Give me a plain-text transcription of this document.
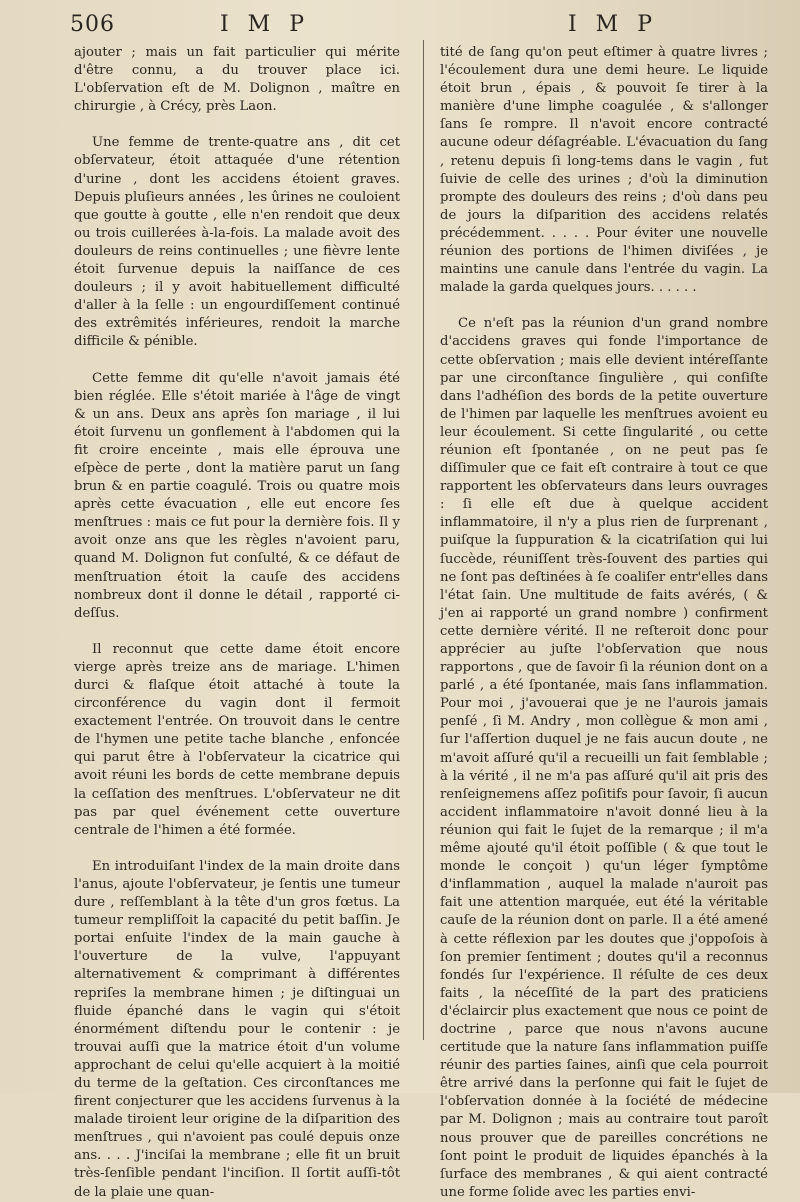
506	I M P	I M P

ajouter ; mais un fait particulier qui mérite d'être connu, a du trouver place ici. L'obſervation eſt de M. Dolignon , maître en chirurgie , à Crécy, près Laon.

Une femme de trente-quatre ans , dit cet obſervateur, étoit attaquée d'une rétention d'urine , dont les accidens étoient graves. Depuis pluſieurs années , les ûrines ne couloient que goutte à goutte , elle n'en rendoit que deux ou trois cuillerées à-la-fois. La malade avoit des douleurs de reins continuelles ; une fièvre lente étoit ſurvenue depuis la naiſſance de ces douleurs ; il y avoit habituellement difficulté d'aller à la ſelle : un engourdiſſement continué des extrêmités inférieures, rendoit la marche difficile & pénible.

Cette femme dit qu'elle n'avoit jamais été bien réglée. Elle s'étoit mariée à l'âge de vingt & un ans. Deux ans après ſon mariage , il lui étoit ſurvenu un gonflement à l'abdomen qui la fit croire enceinte , mais elle éprouva une eſpèce de perte , dont la matière parut un ſang brun & en partie coagulé. Trois ou quatre mois après cette évacuation , elle eut encore ſes menſtrues : mais ce fut pour la dernière fois. Il y avoit onze ans que les règles n'avoient paru, quand M. Dolignon fut conſulté, & ce défaut de menſtruation étoit la cauſe des accidens nombreux dont il donne le détail , rapporté ci-deſſus.

Il reconnut que cette dame étoit encore vierge après treize ans de mariage. L'himen durci & flaſque étoit attaché à toute la circonférence du vagin dont il fermoit exactement l'entrée. On trouvoit dans le centre de l'hymen une petite tache blanche , enfoncée qui parut être à l'obſervateur la cicatrice qui avoit réuni les bords de cette membrane depuis la ceſſation des menſtrues. L'obſervateur ne dit pas par quel événement cette ouverture centrale de l'himen a été formée.

En introduiſant l'index de la main droite dans l'anus, ajoute l'obſervateur, je ſentis une tumeur dure , reſſemblant à la tête d'un gros fœtus. La tumeur rempliſſoit la capacité du petit baſſin. Je portai enſuite l'index de la main gauche à l'ouverture de la vulve, l'appuyant alternativement & comprimant à différentes repriſes la membrane himen ; je diſtinguai un fluide épanché dans le vagin qui s'étoit énormément diſtendu pour le contenir : je trouvai auſſi que la matrice étoit d'un volume approchant de celui qu'elle acquiert à la moitié du terme de la geſtation. Ces circonſtances me firent conjecturer que les accidens ſurvenus à la malade tiroient leur origine de la diſparition des menſtrues , qui n'avoient pas coulé depuis onze ans. . . . J'inciſai la membrane ; elle fit un bruit très-ſenſible pendant l'inciſion. Il ſortit auſſi-tôt de la plaie une quan-

tité de ſang qu'on peut eſtimer à quatre livres ; l'écoulement dura une demi heure. Le liquide étoit brun , épais , & pouvoit ſe tirer à la manière d'une limphe coagulée , & s'allonger ſans ſe rompre. Il n'avoit encore contracté aucune odeur déſagréable. L'évacuation du ſang , retenu depuis ſi long-tems dans le vagin , fut ſuivie de celle des urines ; d'où la diminution prompte des douleurs des reins ; d'où dans peu de jours la diſparition des accidens relatés précédemment. . . . . Pour éviter une nouvelle réunion des portions de l'himen diviſées , je maintins une canule dans l'entrée du vagin. La malade la garda quelques jours. . . . . .

Ce n'eſt pas la réunion d'un grand nombre d'accidens graves qui fonde l'importance de cette obſervation ; mais elle devient intéreſſante par une circonſtance ſingulière , qui conſiſte dans l'adhéſion des bords de la petite ouverture de l'himen par laquelle les menſtrues avoient eu leur écoulement. Si cette ſingularité , ou cette réunion eſt ſpontanée , on ne peut pas ſe diſſimuler que ce fait eſt contraire à tout ce que rapportent les obſervateurs dans leurs ouvrages : ſi elle eſt due à quelque accident inflammatoire, il n'y a plus rien de ſurprenant , puiſque la ſuppuration & la cicatriſation qui lui ſuccède, réuniſſent très-ſouvent des parties qui ne ſont pas deſtinées à ſe coaliſer entr'elles dans l'état ſain. Une multitude de faits avérés, ( & j'en ai rapporté un grand nombre ) confirment cette dernière vérité. Il ne reſteroit donc pour apprécier au juſte l'obſervation que nous rapportons , que de ſavoir ſi la réunion dont on a parlé , a été ſpontanée, mais ſans inflammation. Pour moi , j'avouerai que je ne l'aurois jamais penſé , ſi M. Andry , mon collègue & mon ami , ſur l'aſſertion duquel je ne fais aucun doute , ne m'avoit aſſuré qu'il a recueilli un fait ſemblable ; à la vérité , il ne m'a pas aſſuré qu'il ait pris des renſeignemens aſſez poſitifs pour ſavoir, ſi aucun accident inflammatoire n'avoit donné lieu à la réunion qui fait le ſujet de la remarque ; il m'a même ajouté qu'il étoit poſſible ( & que tout le monde le conçoit ) qu'un léger ſymptôme d'inflammation , auquel la malade n'auroit pas fait une attention marquée, eut été la véritable cauſe de la réunion dont on parle. Il a été amené à cette réflexion par les doutes que j'oppoſois à ſon premier ſentiment ; doutes qu'il a reconnus fondés ſur l'expérience. Il réſulte de ces deux faits , la néceſſité de la part des praticiens d'éclaircir plus exactement que nous ce point de doctrine , parce que nous n'avons aucune certitude que la nature ſans inflammation puiſſe réunir des parties ſaines, ainſi que cela pourroit être arrivé dans la perſonne qui fait le ſujet de l'obſervation donnée à la ſociété de médecine par M. Dolignon ; mais au contraire tout paroît nous prouver que de pareilles concrétions ne ſont point le produit de liquides épanchés à la ſurface des membranes , & qui aient contracté une forme ſolide avec les parties envi-
